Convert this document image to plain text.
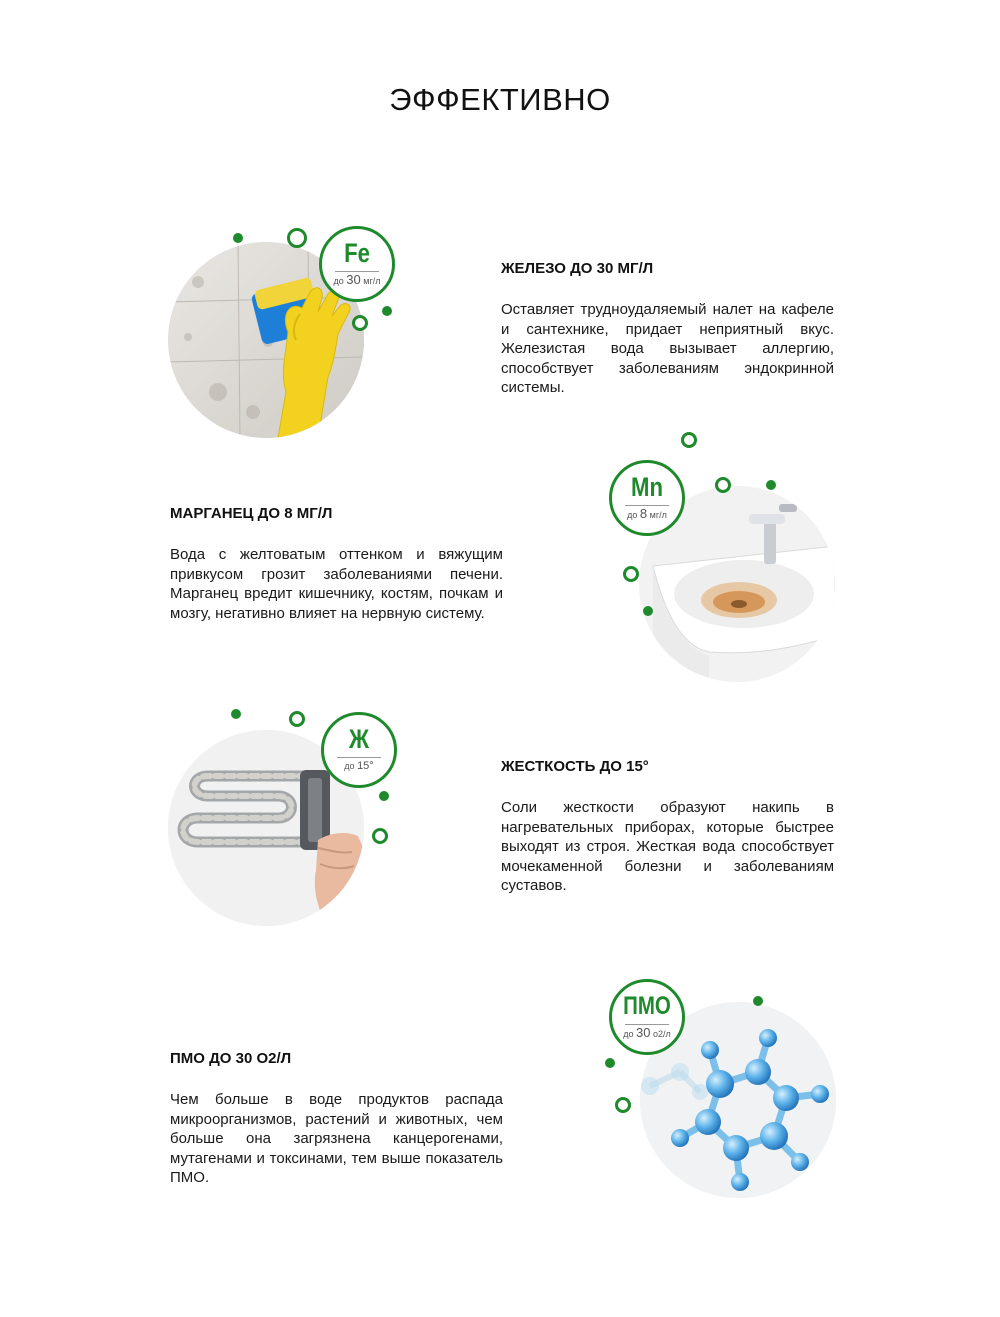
ЭФФЕКТИВНО
Fe
до 30 мг/л
ЖЕЛЕЗО ДО 30 МГ/Л

Оставляет трудноудаляемый налет на кафеле и сантехнике, придает неприятный вкус. Железистая вода вызывает аллергию, способствует заболеваниям эндокринной системы.

Mn
до 8 мг/л
МАРГАНЕЦ ДО 8 МГ/Л

Вода с желтоватым оттенком и вяжущим привкусом грозит заболеваниями печени. Марганец вредит кишечнику, костям, почкам и мозгу, негативно влияет на нервную систему.

Ж
до 15°	ЖЕСТКОСТЬ ДО 15°

Соли жесткости образуют накипь в нагревательных приборах, которые быстрее выходят из строя. Жесткая вода способствует мочекаменной болезни и заболеваниям суставов.

ПМО
до 30 o2/л
ПМО ДО 30 О2/Л

Чем больше в воде продуктов распада микроорганизмов, растений и животных, чем больше она загрязнена канцерогенами, мутагенами и токсинами, тем выше показатель ПМО.
